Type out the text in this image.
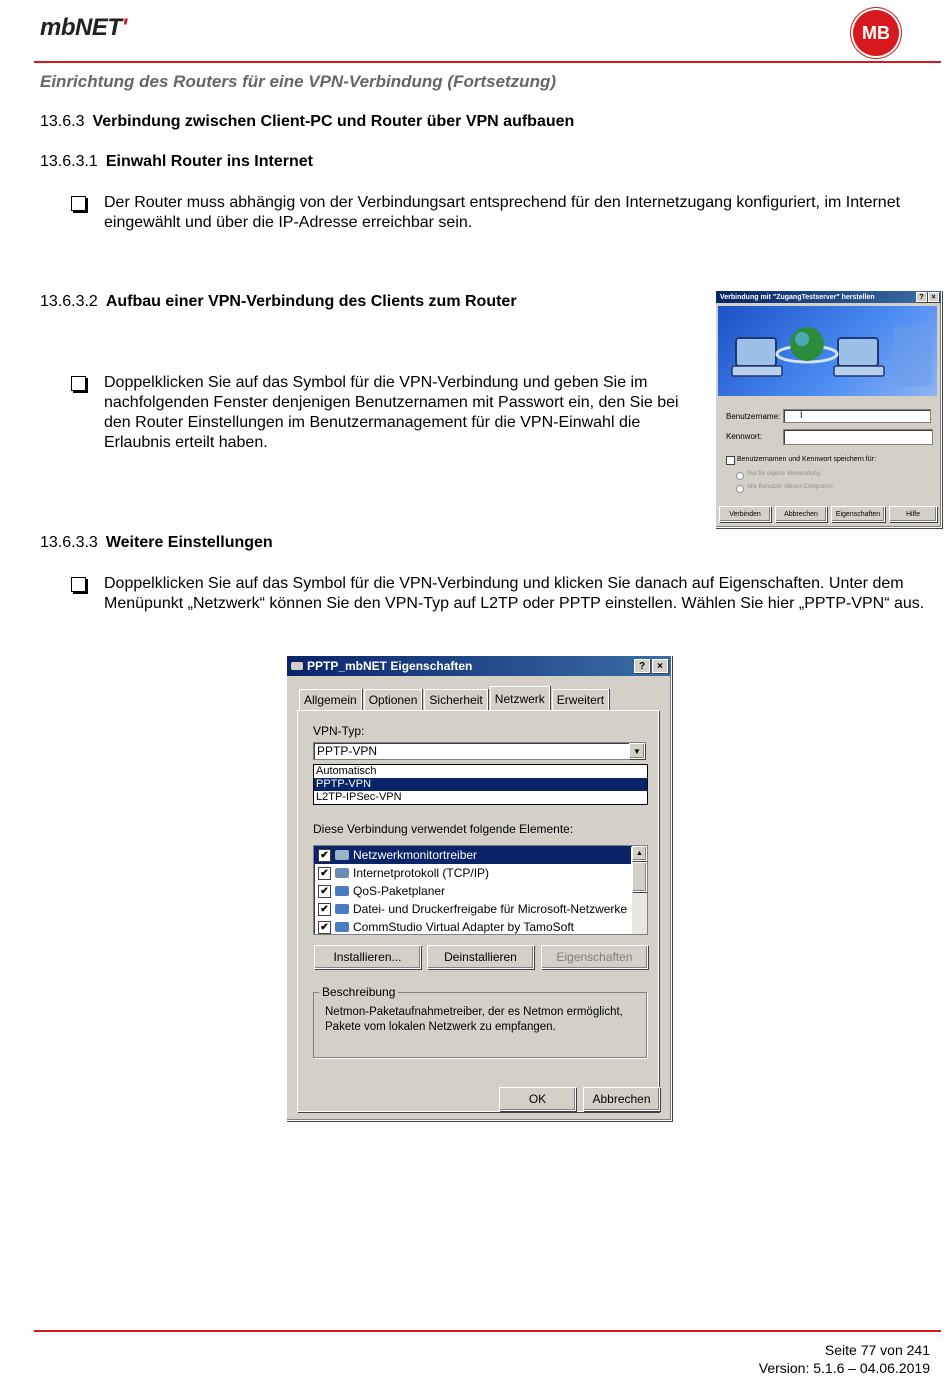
mbNET'	MB
Einrichtung des Routers für eine VPN-Verbindung (Fortsetzung)
13.6.3 Verbindung zwischen Client-PC und Router über VPN aufbauen
13.6.3.1 Einwahl Router ins Internet
Der Router muss abhängig von der Verbindungsart entsprechend für den Internetzugang konfiguriert, im Internet eingewählt und über die IP-Adresse erreichbar sein.
13.6.3.2 Aufbau einer VPN-Verbindung des Clients zum Router
Doppelklicken Sie auf das Symbol für die VPN-Verbindung und geben Sie im nachfolgenden Fenster denjenigen Benutzernamen mit Passwort ein, den Sie bei den Router Einstellungen im Benutzermanagement für die VPN-Einwahl die Erlaubnis erteilt haben.
Verbindung mit "ZugangTestserver" herstellen	?	×
Benutzername:	I
Kennwort:
Benutzernamen und Kennwort speichern für:
Nur für eigene Verwendung
Alle Benutzer dieses Computers
Verbinden	Abbrechen	Eigenschaften	Hilfe
13.6.3.3 Weitere Einstellungen
Doppelklicken Sie auf das Symbol für die VPN-Verbindung und klicken Sie danach auf Eigenschaften. Unter dem Menüpunkt „Netzwerk“ können Sie den VPN-Typ auf L2TP oder PPTP einstellen. Wählen Sie hier „PPTP-VPN“ aus.
PPTP_mbNET Eigenschaften	?	×
Allgemein	Optionen	Sicherheit	Netzwerk	Erweitert
VPN-Typ:
PPTP-VPN	▼
Automatisch
PPTP-VPN
L2TP-IPSec-VPN
Diese Verbindung verwendet folgende Elemente:
✔ Netzwerkmonitortreiber
✔ Internetprotokoll (TCP/IP)
✔ QoS-Paketplaner
✔ Datei- und Druckerfreigabe für Microsoft-Netzwerke
✔ CommStudio Virtual Adapter by TamoSoft
▲
Installieren...	Deinstallieren	Eigenschaften
Beschreibung
Netmon-Paketaufnahmetreiber, der es Netmon ermöglicht, Pakete vom lokalen Netzwerk zu empfangen.
OK	Abbrechen
Seite 77 von 241
Version: 5.1.6 – 04.06.2019
